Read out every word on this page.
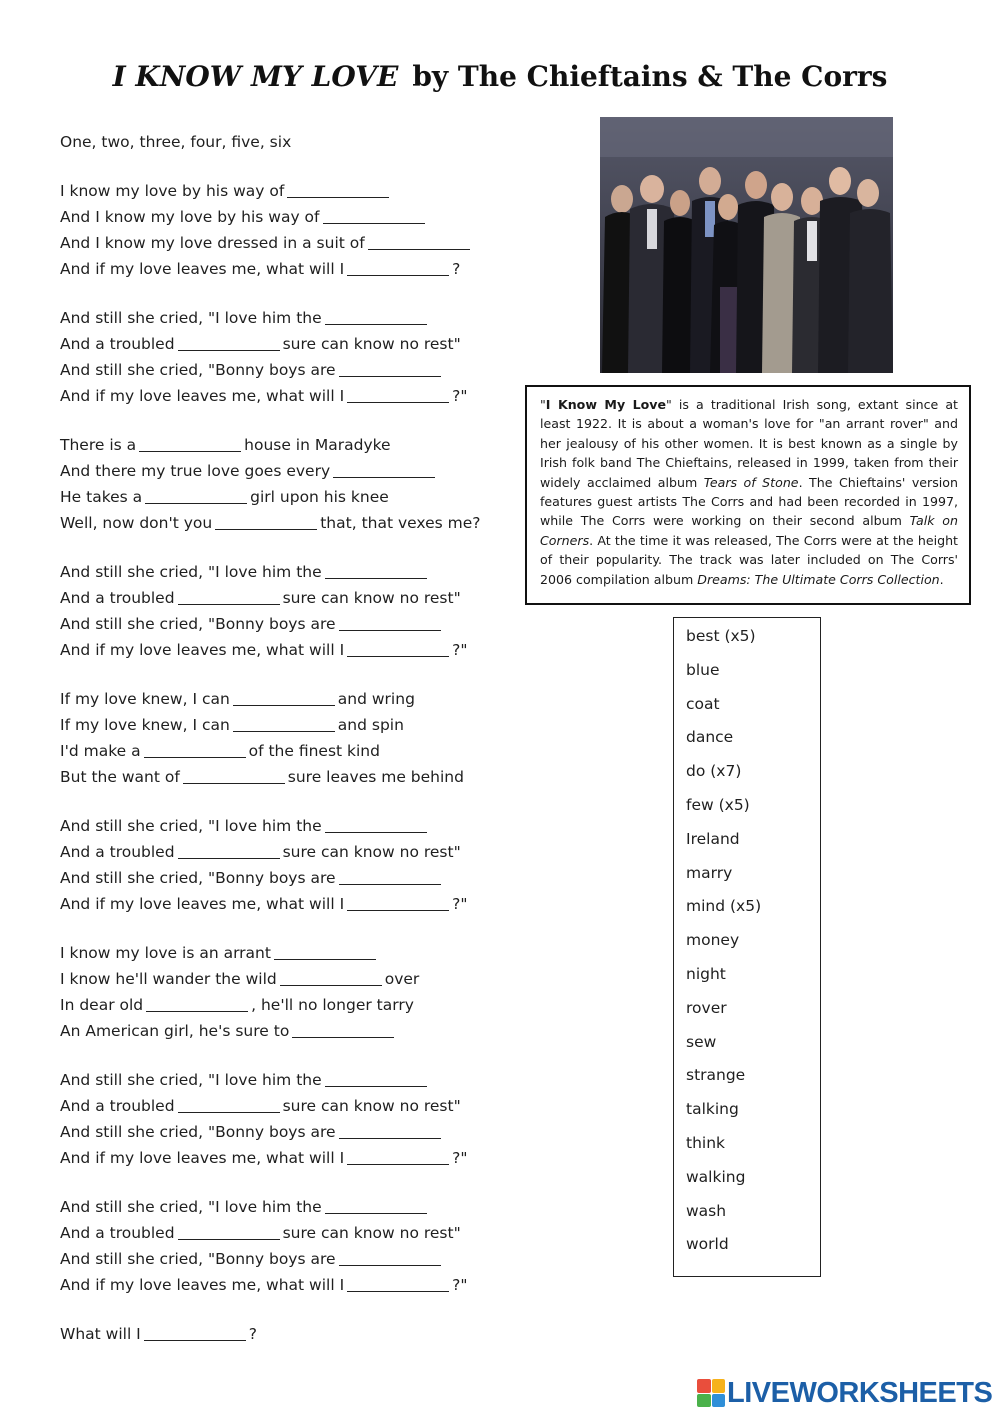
I KNOW MY LOVE by The Chieftains & The Corrs
One, two, three, four, five, six
I know my love by his way of
And I know my love by his way of
And I know my love dressed in a suit of
And if my love leaves me, what will I	?
And still she cried, "I love him the
And a troubled	sure can know no rest"
And still she cried, "Bonny boys are
And if my love leaves me, what will I	?"
There is a	house in Maradyke
And there my true love goes every
He takes a	girl upon his knee
Well, now don't you	that, that vexes me?
And still she cried, "I love him the
And a troubled	sure can know no rest"
And still she cried, "Bonny boys are
And if my love leaves me, what will I	?"
If my love knew, I can	and wring
If my love knew, I can	and spin
I'd make a	of the finest kind
But the want of	sure leaves me behind
And still she cried, "I love him the
And a troubled	sure can know no rest"
And still she cried, "Bonny boys are
And if my love leaves me, what will I	?"
I know my love is an arrant
I know he'll wander the wild	over
In dear old	, he'll no longer tarry
An American girl, he's sure to
And still she cried, "I love him the
And a troubled	sure can know no rest"
And still she cried, "Bonny boys are
And if my love leaves me, what will I	?"
And still she cried, "I love him the
And a troubled	sure can know no rest"
And still she cried, "Bonny boys are
And if my love leaves me, what will I	?"
What will I	?
"I Know My Love" is a traditional Irish song, extant since at least 1922. It is about a woman's love for "an arrant rover" and her jealousy of his other women. It is best known as a single by Irish folk band The Chieftains, released in 1999, taken from their widely acclaimed album Tears of Stone. The Chieftains' version features guest artists The Corrs and had been recorded in 1997, while The Corrs were working on their second album Talk on Corners. At the time it was released, The Corrs were at the height of their popularity. The track was later included on The Corrs' 2006 compilation album Dreams: The Ultimate Corrs Collection.
best (x5)
blue
coat
dance
do (x7)
few (x5)
Ireland
marry
mind (x5)
money
night
rover
sew
strange
talking
think
walking
wash
world
LIVEWORKSHEETS
